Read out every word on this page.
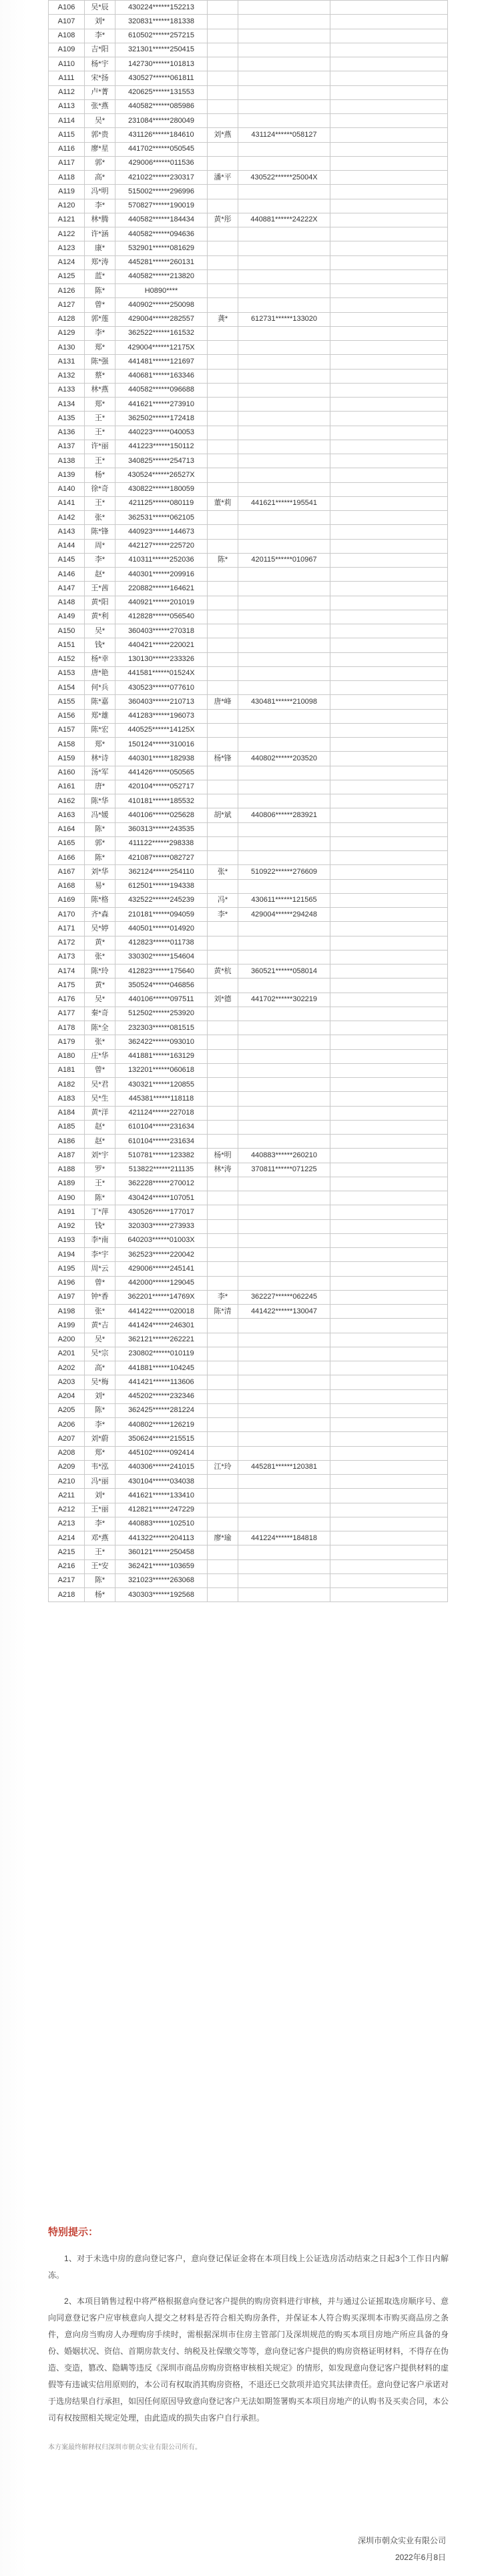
A106	吴*辰	430224******152213			
A107	刘*	320831******181338			
A108	李*	610502******257215			
A109	吉*阳	321301******250415			
A110	杨*宇	142730******101813			
A111	宋*扬	430527******061811			
A112	卢*菁	420625******131553			
A113	张*燕	440582******085986			
A114	吴*	231084******280049			
A115	郭*贵	431126******184610	刘*燕	431124******058127	
A116	廖*星	441702******050545			
A117	郭*	429006******011536			
A118	高*	421022******230317	潘*平	430522******25004X	
A119	冯*明	515002******296996			
A120	李*	570827******190019			
A121	林*腾	440582******184434	黄*彤	440881******24222X	
A122	许*涵	440582******094636			
A123	康*	532901******081629			
A124	郑*涛	445281******260131			
A125	蓝*	440582******213820			
A126	陈*	H0890****			
A127	曾*	440902******250098			
A128	郭*莲	429004******282557	龚*	612731******133020	
A129	李*	362522******161532			
A130	郑*	429004******12175X			
A131	陈*强	441481******121697			
A132	蔡*	440681******163346			
A133	林*燕	440582******096688			
A134	郑*	441621******273910			
A135	王*	362502******172418			
A136	王*	440223******040053			
A137	许*丽	441223******150112			
A138	王*	340825******254713			
A139	杨*	430524******26527X			
A140	徐*奇	430822******180059			
A141	王*	421125******080119	董*莉	441621******195541	
A142	张*	362531******062105			
A143	陈*锋	440923******144673			
A144	周*	442127******225720			
A145	李*	410311******252036	陈*	420115******010967	
A146	赵*	440301******209916			
A147	王*茜	220882******164621			
A148	黄*阳	440921******201019			
A149	黄*利	412828******056540			
A150	吴*	360403******270318			
A151	钱*	440421******220021			
A152	杨*幸	130130******233326			
A153	唐*艳	441581******01524X			
A154	何*兵	430523******077610			
A155	陈*嘉	360403******210713	唐*峰	430481******210098	
A156	郑*雄	441283******196073			
A157	陈*宏	440525******14125X			
A158	郑*	150124******310016			
A159	林*诗	440301******182938	杨*锋	440802******203520	
A160	汤*军	441426******050565			
A161	唐*	420104******052717			
A162	陈*华	410181******185532			
A163	冯*媛	440106******025628	胡*斌	440806******283921	
A164	陈*	360313******243535			
A165	郭*	411122******298338			
A166	陈*	421087******082727			
A167	刘*华	362124******254110	张*	510922******276609	
A168	易*	612501******194338			
A169	陈*格	432522******245239	冯*	430611******121565	
A170	齐*森	210181******094059	李*	429004******294248	
A171	吴*婷	440501******014920			
A172	黄*	412823******011738			
A173	张*	330302******154604			
A174	陈*玲	412823******175640	黄*杭	360521******058014	
A175	黄*	350524******046856			
A176	吴*	440106******097511	刘*德	441702******302219	
A177	秦*奇	512502******253920			
A178	陈*全	232303******081515			
A179	张*	362422******093010			
A180	庄*华	441881******163129			
A181	曾*	132201******060618			
A182	吴*君	430321******120855			
A183	吴*生	445381******118118			
A184	黄*洋	421124******227018			
A185	赵*	610104******231634			
A186	赵*	610104******231634			
A187	刘*宇	510781******123382	杨*明	440883******260210	
A188	罗*	513822******211135	林*涛	370811******071225	
A189	王*	362228******270012			
A190	陈*	430424******107051			
A191	丁*萍	430526******177017			
A192	钱*	320303******273933			
A193	李*南	640203******01003X			
A194	李*宇	362523******220042			
A195	周*云	429006******245141			
A196	曾*	442000******129045			
A197	钟*香	362201******14769X	李*	362227******062245	
A198	张*	441422******020018	陈*清	441422******130047	
A199	黄*吉	441424******246301			
A200	吴*	362121******262221			
A201	吴*宗	230802******010119			
A202	高*	441881******104245			
A203	吴*梅	441421******113606			
A204	刘*	445202******232346			
A205	陈*	362425******281224			
A206	李*	440802******126219			
A207	刘*蔚	350624******215515			
A208	郑*	445102******092414			
A209	韦*泓	440306******241015	江*玲	445281******120381	
A210	冯*丽	430104******034038			
A211	刘*	441621******133410			
A212	王*丽	412821******247229			
A213	李*	440883******102510			
A214	邓*燕	441322******204113	廖*瑜	441224******184818	
A215	王*	360121******250458			
A216	王*安	362421******103659			
A217	陈*	321023******263068			
A218	杨*	430303******192568			
特别提示：

1、对于未选中房的意向登记客户，意向登记保证金将在本项目线上公证选房活动结束之日起3个工作日内解冻。

2、本项目销售过程中将严格根据意向登记客户提供的购房资料进行审核，并与通过公证摇取选房顺序号、意向同意登记客户应审核意向人提交之材料是否符合相关购房条件，并保证本人符合购买深圳本市购买商品房之条件，意向房当购房人办理购房手续时，需根据深圳市住房主管部门及深圳规范的购买本项目房地产所应具备的身份、婚姻状况、资信、首期房款支付、纳税及社保缴交等等，意向登记客户提供的购房资格证明材料，不得存在伪造、变造，篡改、隐瞒等违反《深圳市商品房购房资格审核相关规定》的情形，如发现意向登记客户提供材料的虚假等有违诚实信用原则的，本公司有权取消其购房资格，不退还已交款项并追究其法律责任。意向登记客户承诺对于选房结果自行承担，如因任何原因导致意向登记客户无法如期签署购买本项目房地产的认购书及买卖合同，本公司有权按照相关规定处理，由此造成的损失由客户自行承担。

本方案最终解释权归深圳市朝众实业有限公司所有。
深圳市朝众实业有限公司
2022年6月8日
